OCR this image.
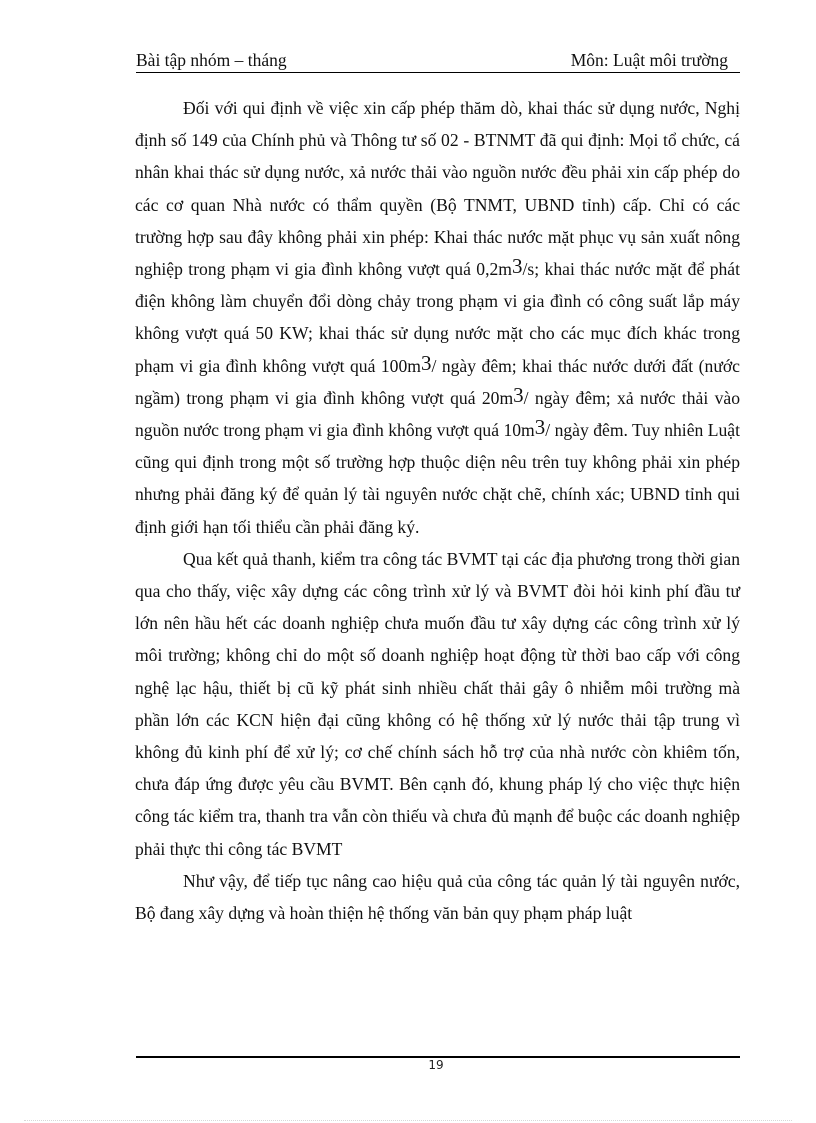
Bài tập nhóm – tháng	Môn: Luật môi trường

Đối với qui định về việc xin cấp phép thăm dò, khai thác sử dụng nước, Nghị định số 149 của Chính phủ và Thông tư số 02 - BTNMT đã qui định: Mọi tổ chức, cá nhân khai thác sử dụng nước, xả nước thải vào nguồn nước đều phải xin cấp phép do các cơ quan Nhà nước có thẩm quyền (Bộ TNMT, UBND tỉnh) cấp. Chỉ có các trường hợp sau đây không phải xin phép: Khai thác nước mặt phục vụ sản xuất nông nghiệp trong phạm vi gia đình không vượt quá 0,2m3/s; khai thác nước mặt để phát điện không làm chuyển đổi dòng chảy trong phạm vi gia đình có công suất lắp máy không vượt quá 50 KW; khai thác sử dụng nước mặt cho các mục đích khác trong phạm vi gia đình không vượt quá 100m3/ ngày đêm; khai thác nước dưới đất (nước ngầm) trong phạm vi gia đình không vượt quá 20m3/ ngày đêm; xả nước thải vào nguồn nước trong phạm vi gia đình không vượt quá 10m3/ ngày đêm. Tuy nhiên Luật cũng qui định trong một số trường hợp thuộc diện nêu trên tuy không phải xin phép nhưng phải đăng ký để quản lý tài nguyên nước chặt chẽ, chính xác; UBND tỉnh qui định giới hạn tối thiểu cần phải đăng ký.

Qua kết quả thanh, kiểm tra công tác BVMT tại các địa phương trong thời gian qua cho thấy, việc xây dựng các công trình xử lý và BVMT đòi hỏi kinh phí đầu tư lớn nên hầu hết các doanh nghiệp chưa muốn đầu tư xây dựng các công trình xử lý môi trường; không chỉ do một số doanh nghiệp hoạt động từ thời bao cấp với công nghệ lạc hậu, thiết bị cũ kỹ phát sinh nhiều chất thải gây ô nhiễm môi trường mà phần lớn các KCN hiện đại cũng không có hệ thống xử lý nước thải tập trung vì không đủ kinh phí để xử lý; cơ chế chính sách hỗ trợ của nhà nước còn khiêm tốn, chưa đáp ứng được yêu cầu BVMT. Bên cạnh đó, khung pháp lý cho việc thực hiện công tác kiểm tra, thanh tra vẫn còn thiếu và chưa đủ mạnh để buộc các doanh nghiệp phải thực thi công tác BVMT

Như vậy, để tiếp tục nâng cao hiệu quả của công tác quản lý tài nguyên nước, Bộ đang xây dựng và hoàn thiện hệ thống văn bản quy phạm pháp luật

19
